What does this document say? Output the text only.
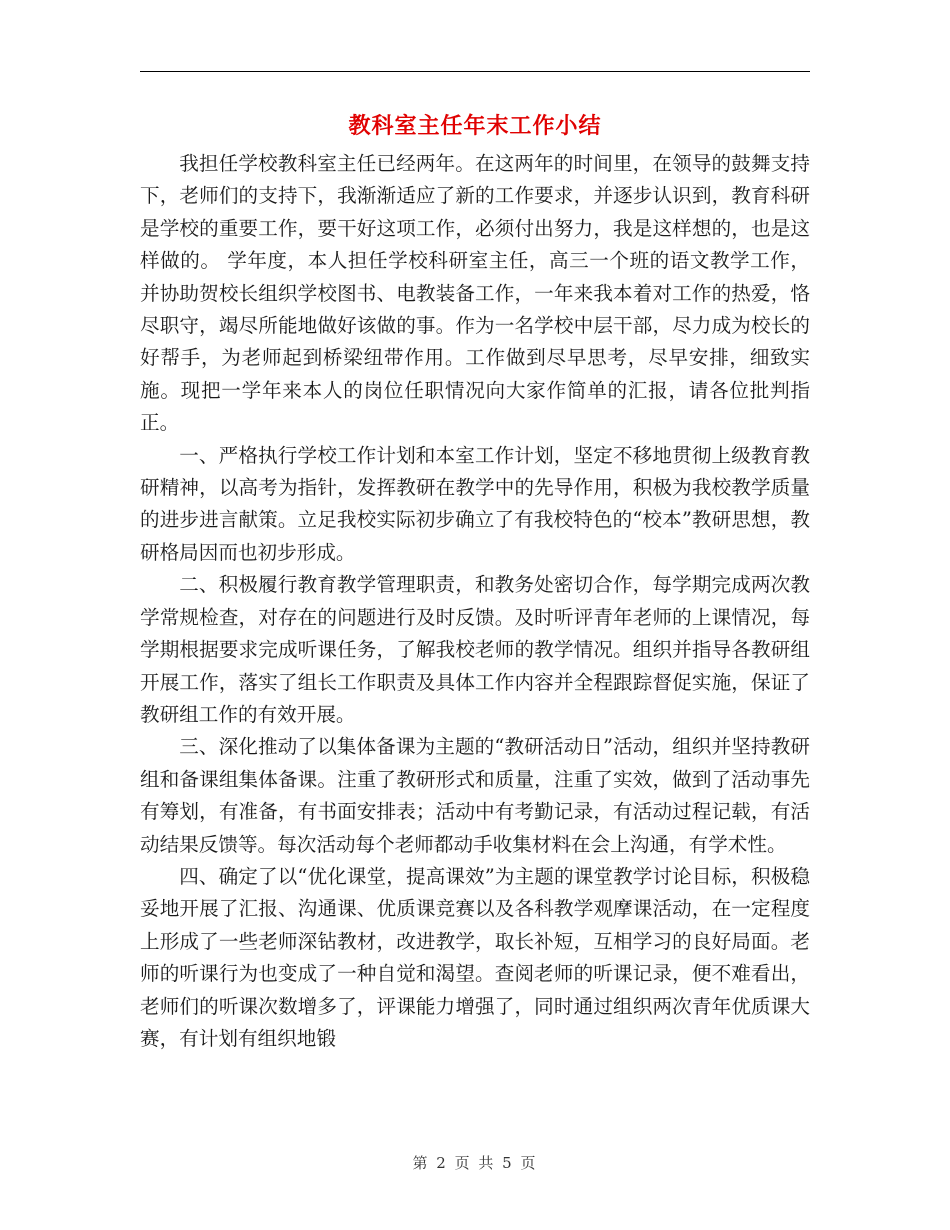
教科室主任年末工作小结

我担任学校教科室主任已经两年。在这两年的时间里，在领导的鼓舞支持下，老师们的支持下，我渐渐适应了新的工作要求，并逐步认识到，教育科研是学校的重要工作，要干好这项工作，必须付出努力，我是这样想的，也是这样做的。 学年度，本人担任学校科研室主任，高三一个班的语文教学工作，并协助贺校长组织学校图书、电教装备工作，一年来我本着对工作的热爱，恪尽职守，竭尽所能地做好该做的事。作为一名学校中层干部，尽力成为校长的好帮手，为老师起到桥梁纽带作用。工作做到尽早思考，尽早安排，细致实施。现把一学年来本人的岗位任职情况向大家作简单的汇报，请各位批判指正。

一、严格执行学校工作计划和本室工作计划，坚定不移地贯彻上级教育教研精神，以高考为指针，发挥教研在教学中的先导作用，积极为我校教学质量的进步进言献策。立足我校实际初步确立了有我校特色的“校本”教研思想，教研格局因而也初步形成。

二、积极履行教育教学管理职责，和教务处密切合作，每学期完成两次教学常规检查，对存在的问题进行及时反馈。及时听评青年老师的上课情况，每学期根据要求完成听课任务，了解我校老师的教学情况。组织并指导各教研组开展工作，落实了组长工作职责及具体工作内容并全程跟踪督促实施，保证了教研组工作的有效开展。

三、深化推动了以集体备课为主题的“教研活动日”活动，组织并坚持教研组和备课组集体备课。注重了教研形式和质量，注重了实效，做到了活动事先有筹划，有准备，有书面安排表；活动中有考勤记录，有活动过程记载，有活动结果反馈等。每次活动每个老师都动手收集材料在会上沟通，有学术性。

四、确定了以“优化课堂，提高课效”为主题的课堂教学讨论目标，积极稳妥地开展了汇报、沟通课、优质课竞赛以及各科教学观摩课活动，在一定程度上形成了一些老师深钻教材，改进教学，取长补短，互相学习的良好局面。老师的听课行为也变成了一种自觉和渴望。查阅老师的听课记录，便不难看出，老师们的听课次数增多了，评课能力增强了，同时通过组织两次青年优质课大赛，有计划有组织地锻

第 2 页 共 5 页
